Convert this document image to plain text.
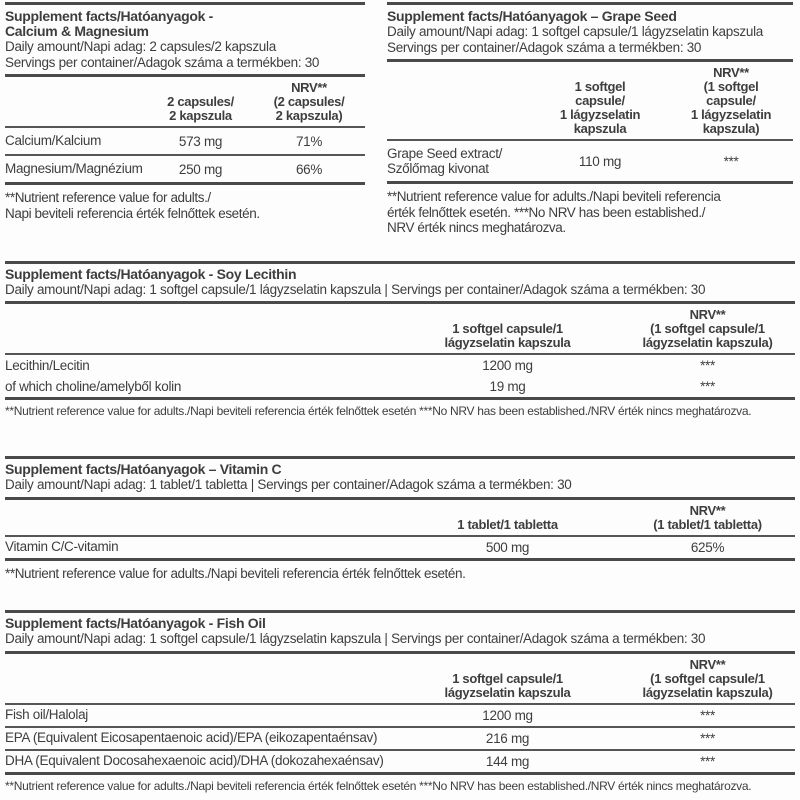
Supplement facts/Hatóanyagok -
Calcium & Magnesium
Daily amount/Napi adag: 2 capsules/2 kapszula
Servings per container/Adagok száma a termékben: 30
2 capsules/
2 kapszula
NRV**
(2 capsules/
2 kapszula)
Calcium/Kalcium	573 mg	71%
Magnesium/Magnézium	250 mg	66%
**Nutrient reference value for adults./
Napi beviteli referencia érték felnőttek esetén.
Supplement facts/Hatóanyagok – Grape Seed
Daily amount/Napi adag: 1 softgel capsule/1 lágyzselatin kapszula
Servings per container/Adagok száma a termékben: 30
1 softgel
capsule/
1 lágyzselatin
kapszula
NRV**
(1 softgel
capsule/
1 lágyzselatin
kapszula)
Grape Seed extract/
Szőlőmag kivonat	110 mg	***
**Nutrient reference value for adults./Napi beviteli referencia
érték felnőttek esetén. ***No NRV has been established./
NRV érték nincs meghatározva.
Supplement facts/Hatóanyagok - Soy Lecithin
Daily amount/Napi adag: 1 softgel capsule/1 lágyzselatin kapszula | Servings per container/Adagok száma a termékben: 30
1 softgel capsule/1
lágyzselatin kapszula
NRV**
(1 softgel capsule/1
lágyzselatin kapszula)
Lecithin/Lecitin	1200 mg	***
of which choline/amelyből kolin	19 mg	***
**Nutrient reference value for adults./Napi beviteli referencia érték felnőttek esetén ***No NRV has been established./NRV érték nincs meghatározva.
Supplement facts/Hatóanyagok – Vitamin C
Daily amount/Napi adag: 1 tablet/1 tabletta | Servings per container/Adagok száma a termékben: 30
1 tablet/1 tabletta
NRV**
(1 tablet/1 tabletta)
Vitamin C/C-vitamin	500 mg	625%
**Nutrient reference value for adults./Napi beviteli referencia érték felnőttek esetén.
Supplement facts/Hatóanyagok - Fish Oil
Daily amount/Napi adag: 1 softgel capsule/1 lágyzselatin kapszula | Servings per container/Adagok száma a termékben: 30
1 softgel capsule/1
lágyzselatin kapszula
NRV**
(1 softgel capsule/1
lágyzselatin kapszula)
Fish oil/Halolaj	1200 mg	***
EPA (Equivalent Eicosapentaenoic acid)/EPA (eikozapentaénsav)	216 mg	***
DHA (Equivalent Docosahexaenoic acid)/DHA (dokozahexaénsav)	144 mg	***
**Nutrient reference value for adults./Napi beviteli referencia érték felnőttek esetén ***No NRV has been established./NRV érték nincs meghatározva.
